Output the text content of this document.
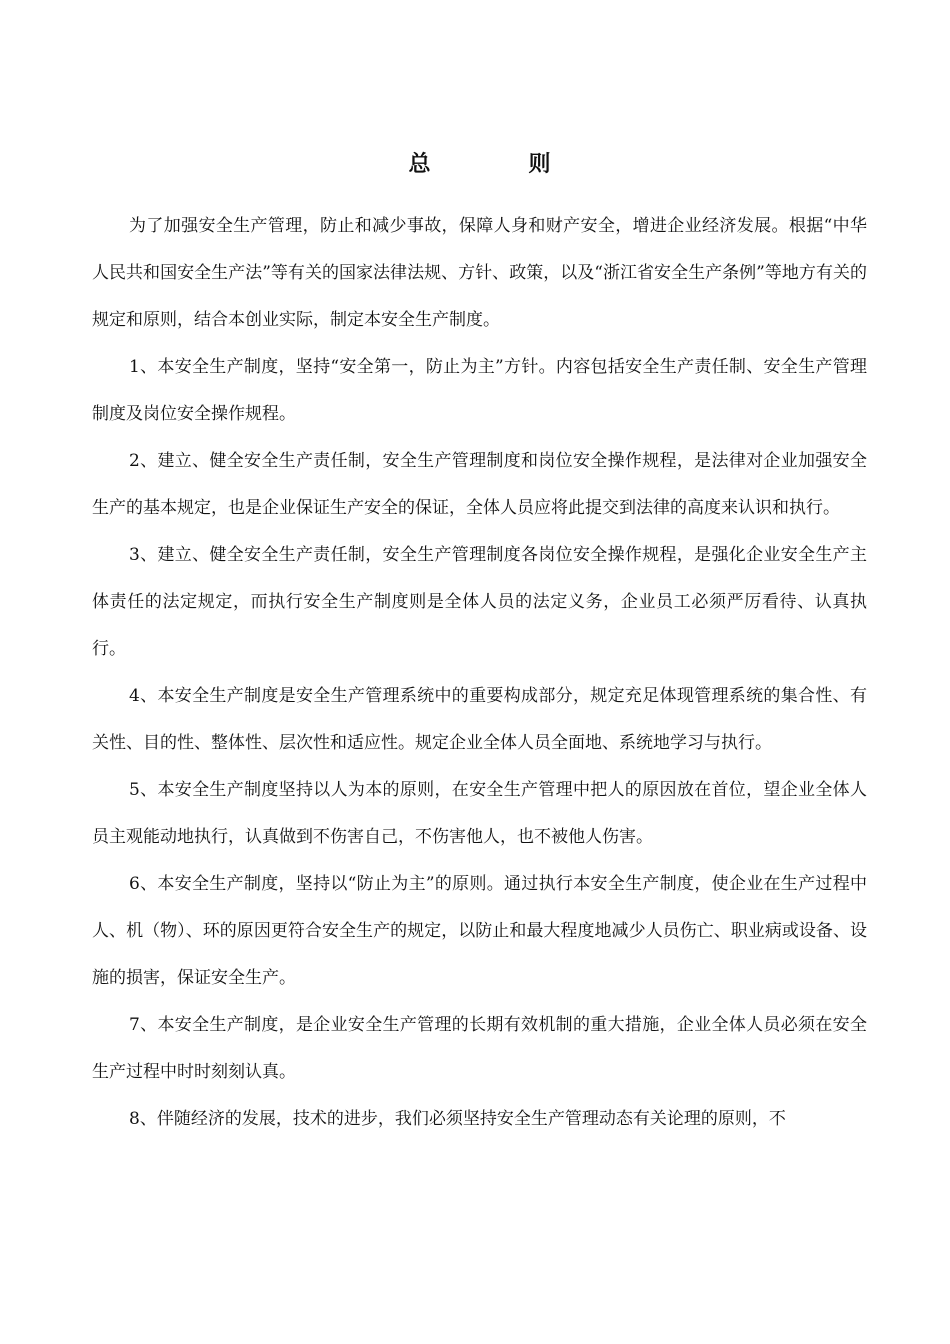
总　则

为了加强安全生产管理，防止和减少事故，保障人身和财产安全，增进企业经济发展。根据“中华人民共和国安全生产法”等有关的国家法律法规、方针、政策，以及“浙江省安全生产条例”等地方有关的规定和原则，结合本创业实际，制定本安全生产制度。

1、本安全生产制度，坚持“安全第一，防止为主”方针。内容包括安全生产责任制、安全生产管理制度及岗位安全操作规程。

2、建立、健全安全生产责任制，安全生产管理制度和岗位安全操作规程，是法律对企业加强安全生产的基本规定，也是企业保证生产安全的保证，全体人员应将此提交到法律的高度来认识和执行。

3、建立、健全安全生产责任制，安全生产管理制度各岗位安全操作规程，是强化企业安全生产主体责任的法定规定，而执行安全生产制度则是全体人员的法定义务，企业员工必须严厉看待、认真执行。

4、本安全生产制度是安全生产管理系统中的重要构成部分，规定充足体现管理系统的集合性、有关性、目的性、整体性、层次性和适应性。规定企业全体人员全面地、系统地学习与执行。

5、本安全生产制度坚持以人为本的原则，在安全生产管理中把人的原因放在首位，望企业全体人员主观能动地执行，认真做到不伤害自己，不伤害他人，也不被他人伤害。

6、本安全生产制度，坚持以“防止为主”的原则。通过执行本安全生产制度，使企业在生产过程中人、机（物）、环的原因更符合安全生产的规定，以防止和最大程度地减少人员伤亡、职业病或设备、设施的损害，保证安全生产。

7、本安全生产制度，是企业安全生产管理的长期有效机制的重大措施，企业全体人员必须在安全生产过程中时时刻刻认真。

8、伴随经济的发展，技术的进步，我们必须坚持安全生产管理动态有关论理的原则，不
